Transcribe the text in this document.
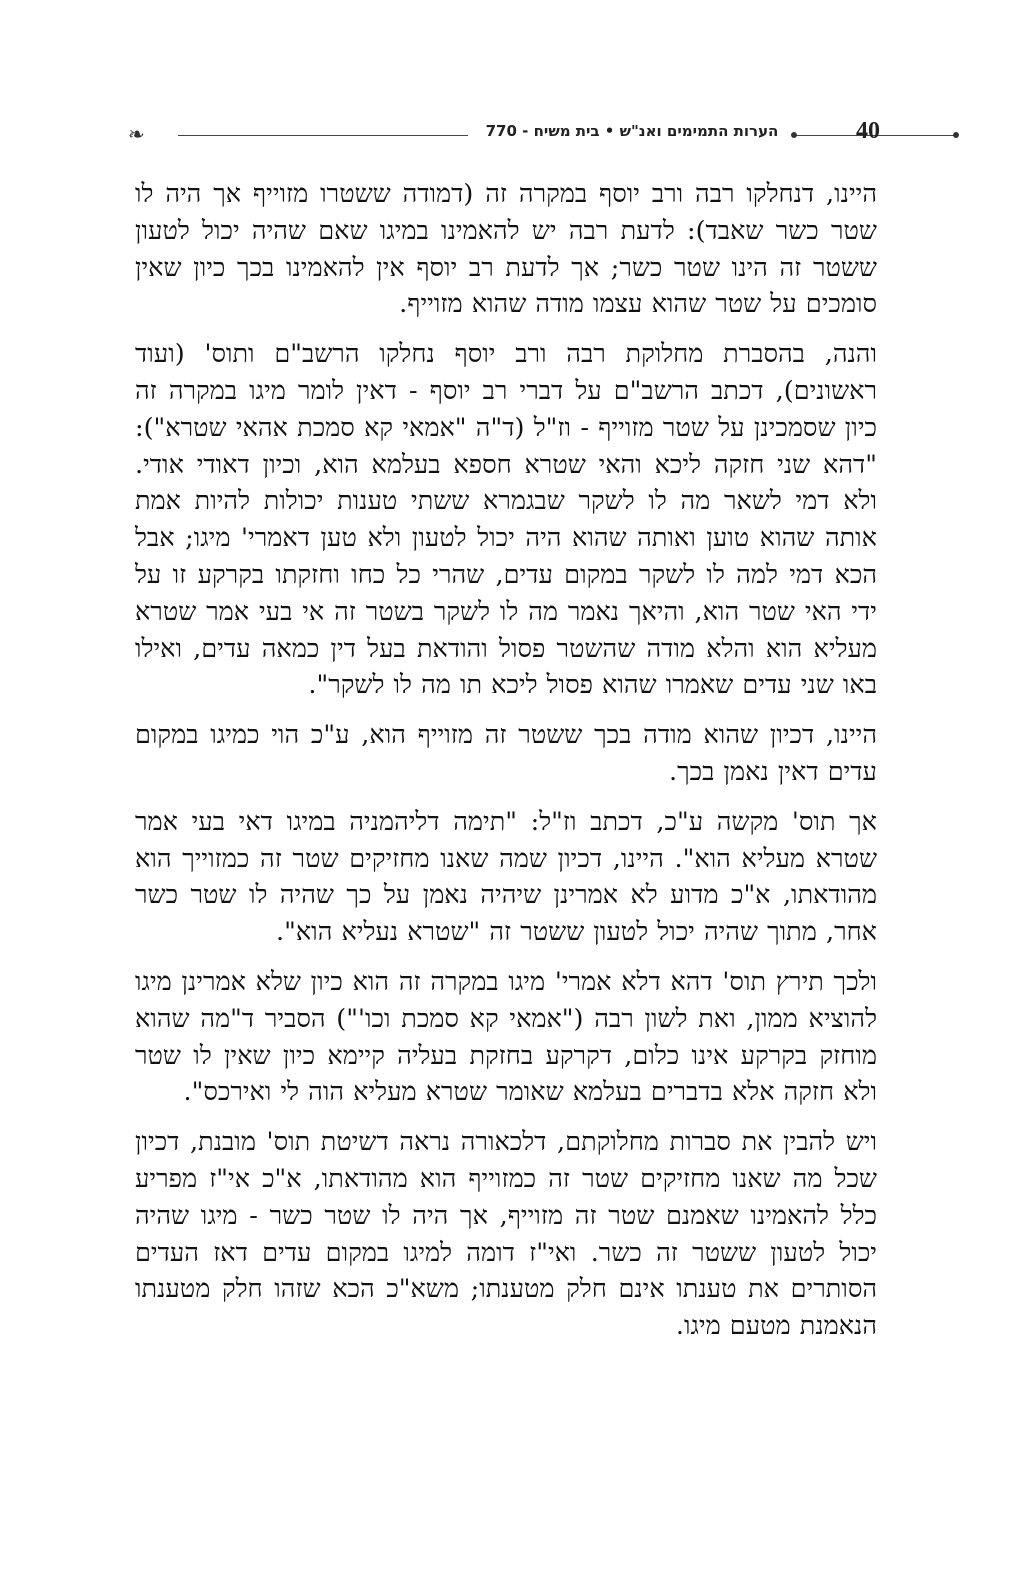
❧	הערות התמימים ואנ"ש • בית משיח - 770	40

היינו, דנחלקו רבה ורב יוסף במקרה זה (דמודה ששטרו מזוייף אך היה לו שטר כשר שאבד): לדעת רבה יש להאמינו במיגו שאם שהיה יכול לטעון ששטר זה הינו שטר כשר; אך לדעת רב יוסף אין להאמינו בכך כיון שאין סומכים על שטר שהוא עצמו מודה שהוא מזוייף.

והנה, בהסברת מחלוקת רבה ורב יוסף נחלקו הרשב"ם ותוס' (ועוד ראשונים), דכתב הרשב"ם על דברי רב יוסף - דאין לומר מיגו במקרה זה כיון שסמכינן על שטר מזוייף - וז"ל (ד"ה "אמאי קא סמכת אהאי שטרא"): "דהא שני חזקה ליכא והאי שטרא חספא בעלמא הוא, וכיון דאודי אודי. ולא דמי לשאר מה לו לשקר שבגמרא ששתי טענות יכולות להיות אמת אותה שהוא טוען ואותה שהוא היה יכול לטעון ולא טען דאמרי' מיגו; אבל הכא דמי למה לו לשקר במקום עדים, שהרי כל כחו וחזקתו בקרקע זו על ידי האי שטר הוא, והיאך נאמר מה לו לשקר בשטר זה אי בעי אמר שטרא מעליא הוא והלא מודה שהשטר פסול והודאת בעל דין כמאה עדים, ואילו באו שני עדים שאמרו שהוא פסול ליכא תו מה לו לשקר".

היינו, דכיון שהוא מודה בכך ששטר זה מזוייף הוא, ע"כ הוי כמיגו במקום עדים דאין נאמן בכך.

אך תוס' מקשה ע"כ, דכתב וז"ל: "תימה דליהמניה במיגו דאי בעי אמר שטרא מעליא הוא". היינו, דכיון שמה שאנו מחזיקים שטר זה כמזוייך הוא מהודאתו, א"כ מדוע לא אמרינן שיהיה נאמן על כך שהיה לו שטר כשר אחר, מתוך שהיה יכול לטעון ששטר זה "שטרא נעליא הוא".

ולכך תירץ תוס' דהא דלא אמרי' מיגו במקרה זה הוא כיון שלא אמרינן מיגו להוציא ממון, ואת לשון רבה ("אמאי קא סמכת וכו'") הסביר ד"מה שהוא מוחזק בקרקע אינו כלום, דקרקע בחזקת בעליה קיימא כיון שאין לו שטר ולא חזקה אלא בדברים בעלמא שאומר שטרא מעליא הוה לי ואירכס".

ויש להבין את סברות מחלוקתם, דלכאורה נראה דשיטת תוס' מובנת, דכיון שכל מה שאנו מחזיקים שטר זה כמזוייף הוא מהודאתו, א"כ אי"ז מפריע כלל להאמינו שאמנם שטר זה מזוייף, אך היה לו שטר כשר - מיגו שהיה יכול לטעון ששטר זה כשר. ואי"ז דומה למיגו במקום עדים דאז העדים הסותרים את טענתו אינם חלק מטענתו; משא"כ הכא שזהו חלק מטענתו הנאמנת מטעם מיגו.
